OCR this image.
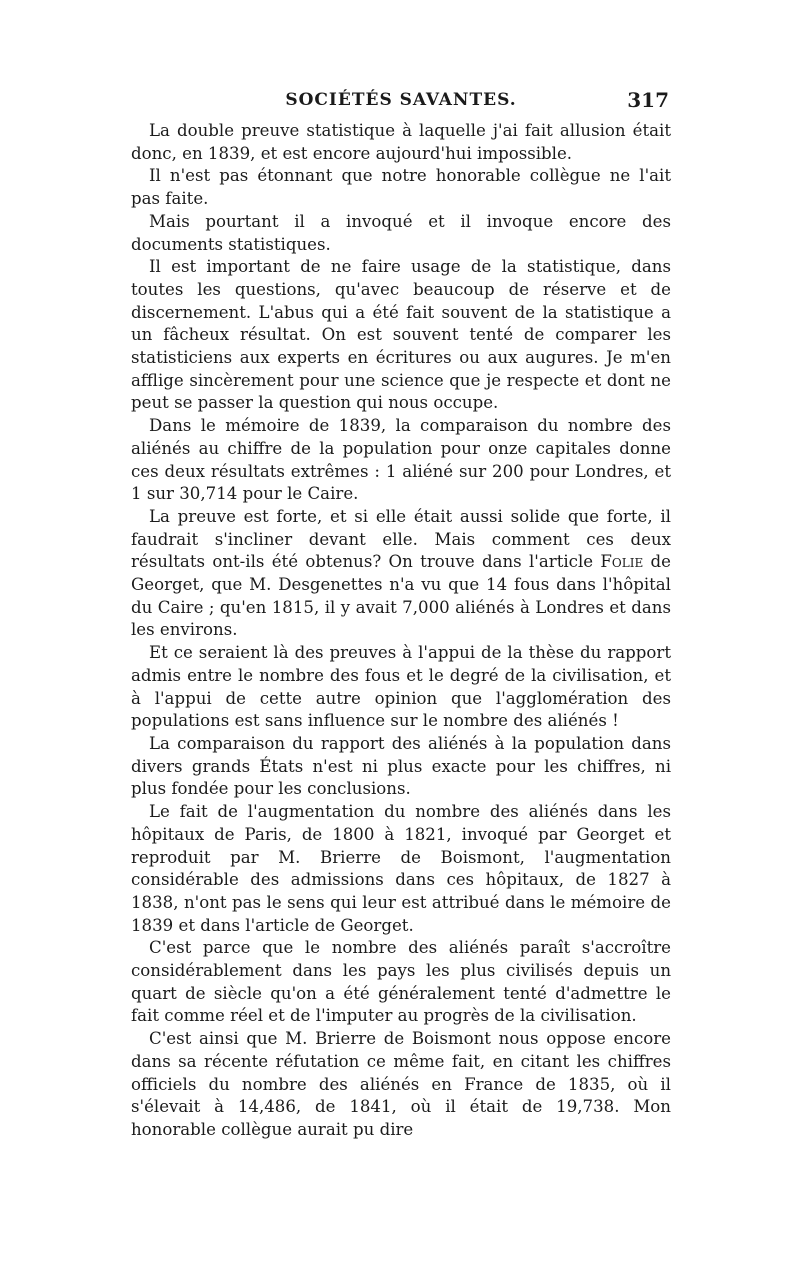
SOCIÉTÉS SAVANTES.	317

La double preuve statistique à laquelle j'ai fait allusion était donc, en 1839, et est encore aujourd'hui impossible.

Il n'est pas étonnant que notre honorable collègue ne l'ait pas faite.

Mais pourtant il a invoqué et il invoque encore des documents statistiques.

Il est important de ne faire usage de la statistique, dans toutes les questions, qu'avec beaucoup de réserve et de discernement. L'abus qui a été fait souvent de la statistique a un fâcheux résultat. On est souvent tenté de comparer les statisticiens aux experts en écritures ou aux augures. Je m'en afflige sincèrement pour une science que je respecte et dont ne peut se passer la question qui nous occupe.

Dans le mémoire de 1839, la comparaison du nombre des aliénés au chiffre de la population pour onze capitales donne ces deux résultats extrêmes : 1 aliéné sur 200 pour Londres, et 1 sur 30,714 pour le Caire.

La preuve est forte, et si elle était aussi solide que forte, il faudrait s'incliner devant elle. Mais comment ces deux résultats ont-ils été obtenus? On trouve dans l'article Folie de Georget, que M. Desgenettes n'a vu que 14 fous dans l'hôpital du Caire ; qu'en 1815, il y avait 7,000 aliénés à Londres et dans les environs.

Et ce seraient là des preuves à l'appui de la thèse du rapport admis entre le nombre des fous et le degré de la civilisation, et à l'appui de cette autre opinion que l'agglomération des populations est sans influence sur le nombre des aliénés !

La comparaison du rapport des aliénés à la population dans divers grands États n'est ni plus exacte pour les chiffres, ni plus fondée pour les conclusions.

Le fait de l'augmentation du nombre des aliénés dans les hôpitaux de Paris, de 1800 à 1821, invoqué par Georget et reproduit par M. Brierre de Boismont, l'augmentation considérable des admissions dans ces hôpitaux, de 1827 à 1838, n'ont pas le sens qui leur est attribué dans le mémoire de 1839 et dans l'article de Georget.

C'est parce que le nombre des aliénés paraît s'accroître considérablement dans les pays les plus civilisés depuis un quart de siècle qu'on a été généralement tenté d'admettre le fait comme réel et de l'imputer au progrès de la civilisation.

C'est ainsi que M. Brierre de Boismont nous oppose encore dans sa récente réfutation ce même fait, en citant les chiffres officiels du nombre des aliénés en France de 1835, où il s'élevait à 14,486, de 1841, où il était de 19,738. Mon honorable collègue aurait pu dire
